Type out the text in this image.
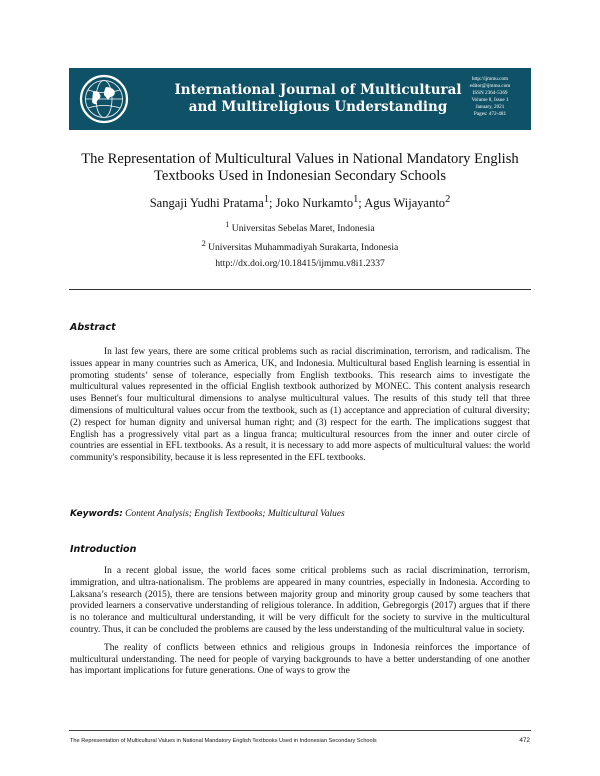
International Journal of Multicultural
and Multireligious Understanding
http://ijmmu.com
editor@ijmmu.com
ISSN 2364-5369
Volume 8, Issue 1
January, 2021
Pages: 472-481
The Representation of Multicultural Values in National Mandatory English
Textbooks Used in Indonesian Secondary Schools
Sangaji Yudhi Pratama$^1$; Joko Nurkamto$^1$; Agus Wijayanto$^2$
$^1$ Universitas Sebelas Maret, Indonesia
$^2$ Universitas Muhammadiyah Surakarta, Indonesia
http://dx.doi.org/10.18415/ijmmu.v8i1.2337
Abstract

In last few years, there are some critical problems such as racial discrimination, terrorism, and radicalism. The issues appear in many countries such as America, UK, and Indonesia. Multicultural based English learning is essential in promoting students’ sense of tolerance, especially from English textbooks. This research aims to investigate the multicultural values represented in the official English textbook authorized by MONEC. This content analysis research uses Bennet's four multicultural dimensions to analyse multicultural values. The results of this study tell that three dimensions of multicultural values occur from the textbook, such as (1) acceptance and appreciation of cultural diversity; (2) respect for human dignity and universal human right; and (3) respect for the earth. The implications suggest that English has a progressively vital part as a lingua franca; multicultural resources from the inner and outer circle of countries are essential in EFL textbooks. As a result, it is necessary to add more aspects of multicultural values: the world community's responsibility, because it is less represented in the EFL textbooks.

Keywords: Content Analysis; English Textbooks; Multicultural Values
Introduction

In a recent global issue, the world faces some critical problems such as racial discrimination, terrorism, immigration, and ultra-nationalism. The problems are appeared in many countries, especially in Indonesia. According to Laksana’s research (2015), there are tensions between majority group and minority group caused by some teachers that provided learners a conservative understanding of religious tolerance. In addition, Gebregorgis (2017) argues that if there is no tolerance and multicultural understanding, it will be very difficult for the society to survive in the multicultural country. Thus, it can be concluded the problems are caused by the less understanding of the multicultural value in society.

The reality of conflicts between ethnics and religious groups in Indonesia reinforces the importance of multicultural understanding. The need for people of varying backgrounds to have a better understanding of one another has important implications for future generations. One of ways to grow the

The Representation of Multicultural Values in National Mandatory English Textbooks Used in Indonesian Secondary Schools	472
